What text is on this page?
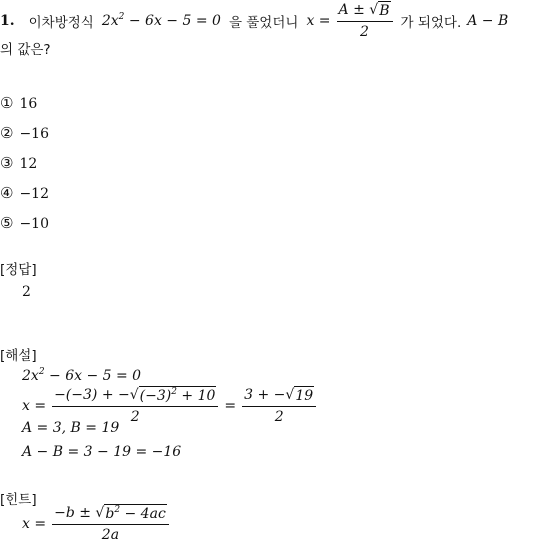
1. 이차방정식 $2x^2 - 6x - 5 = 0$ 을 풀었더니 $x = \frac{A \pm √ B}{2}$ 가 되었다. A − B
의 값은?
① 16
② −16
③ 12
④ −12
⑤ −10
[정답]
2
[해설]
$2x^2 - 6x - 5 = 0$
$x = \frac{-(-3) + - √ (-3)^2 + 10}{2} = \frac{3 + - √ 19}{2}$
A = 3, B = 19
A − B = 3 − 19 = −16
[힌트]
$x = \frac{-b \pm √ b^2 - 4ac}{2a}$
